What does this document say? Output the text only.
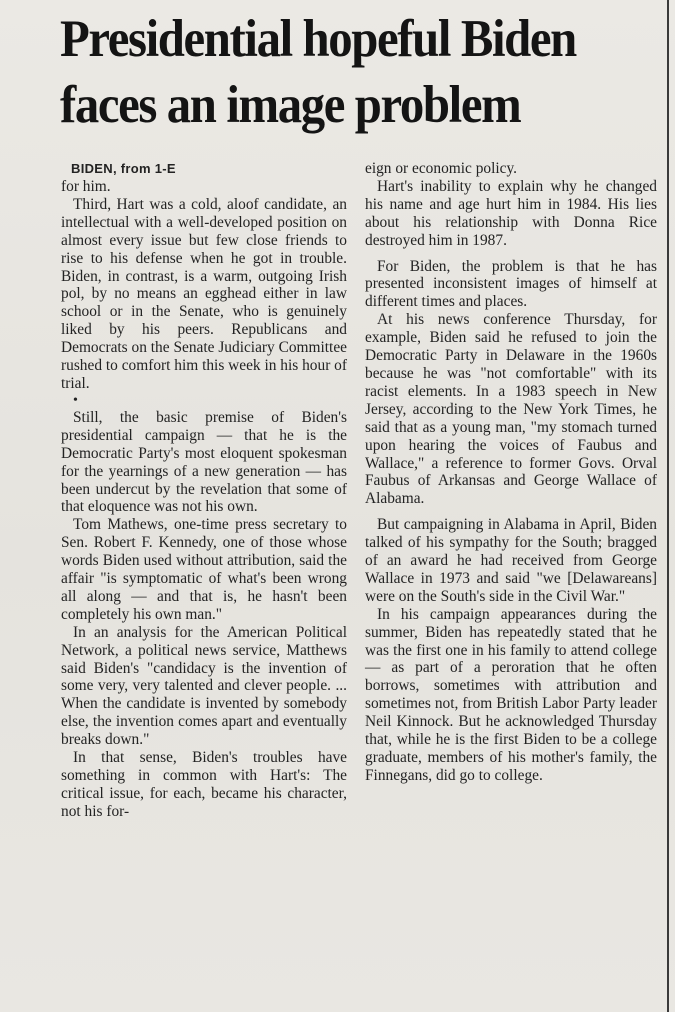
Presidential hopeful Biden
faces an image problem

BIDEN, from 1-E

for him.

Third, Hart was a cold, aloof candidate, an intellectual with a well-developed position on almost every issue but few close friends to rise to his defense when he got in trouble. Biden, in contrast, is a warm, outgoing Irish pol, by no means an egghead either in law school or in the Senate, who is genuinely liked by his peers. Republicans and Democrats on the Senate Judiciary Committee rushed to comfort him this week in his hour of trial.

•

Still, the basic premise of Biden's presidential campaign — that he is the Democratic Party's most eloquent spokesman for the yearnings of a new generation — has been undercut by the revelation that some of that eloquence was not his own.

Tom Mathews, one-time press secretary to Sen. Robert F. Kennedy, one of those whose words Biden used without attribution, said the affair "is symptomatic of what's been wrong all along — and that is, he hasn't been completely his own man."

In an analysis for the American Political Network, a political news service, Matthews said Biden's "candidacy is the invention of some very, very talented and clever people. ... When the candidate is invented by somebody else, the invention comes apart and eventually breaks down."

In that sense, Biden's troubles have something in common with Hart's: The critical issue, for each, became his character, not his for-

eign or economic policy.

Hart's inability to explain why he changed his name and age hurt him in 1984. His lies about his relationship with Donna Rice destroyed him in 1987.

For Biden, the problem is that he has presented inconsistent images of himself at different times and places.

At his news conference Thursday, for example, Biden said he refused to join the Democratic Party in Delaware in the 1960s because he was "not comfortable" with its racist elements. In a 1983 speech in New Jersey, according to the New York Times, he said that as a young man, "my stomach turned upon hearing the voices of Faubus and Wallace," a reference to former Govs. Orval Faubus of Arkansas and George Wallace of Alabama.

But campaigning in Alabama in April, Biden talked of his sympathy for the South; bragged of an award he had received from George Wallace in 1973 and said "we [Delawareans] were on the South's side in the Civil War."

In his campaign appearances during the summer, Biden has repeatedly stated that he was the first one in his family to attend college — as part of a peroration that he often borrows, sometimes with attribution and sometimes not, from British Labor Party leader Neil Kinnock. But he acknowledged Thursday that, while he is the first Biden to be a college graduate, members of his mother's family, the Finnegans, did go to college.
